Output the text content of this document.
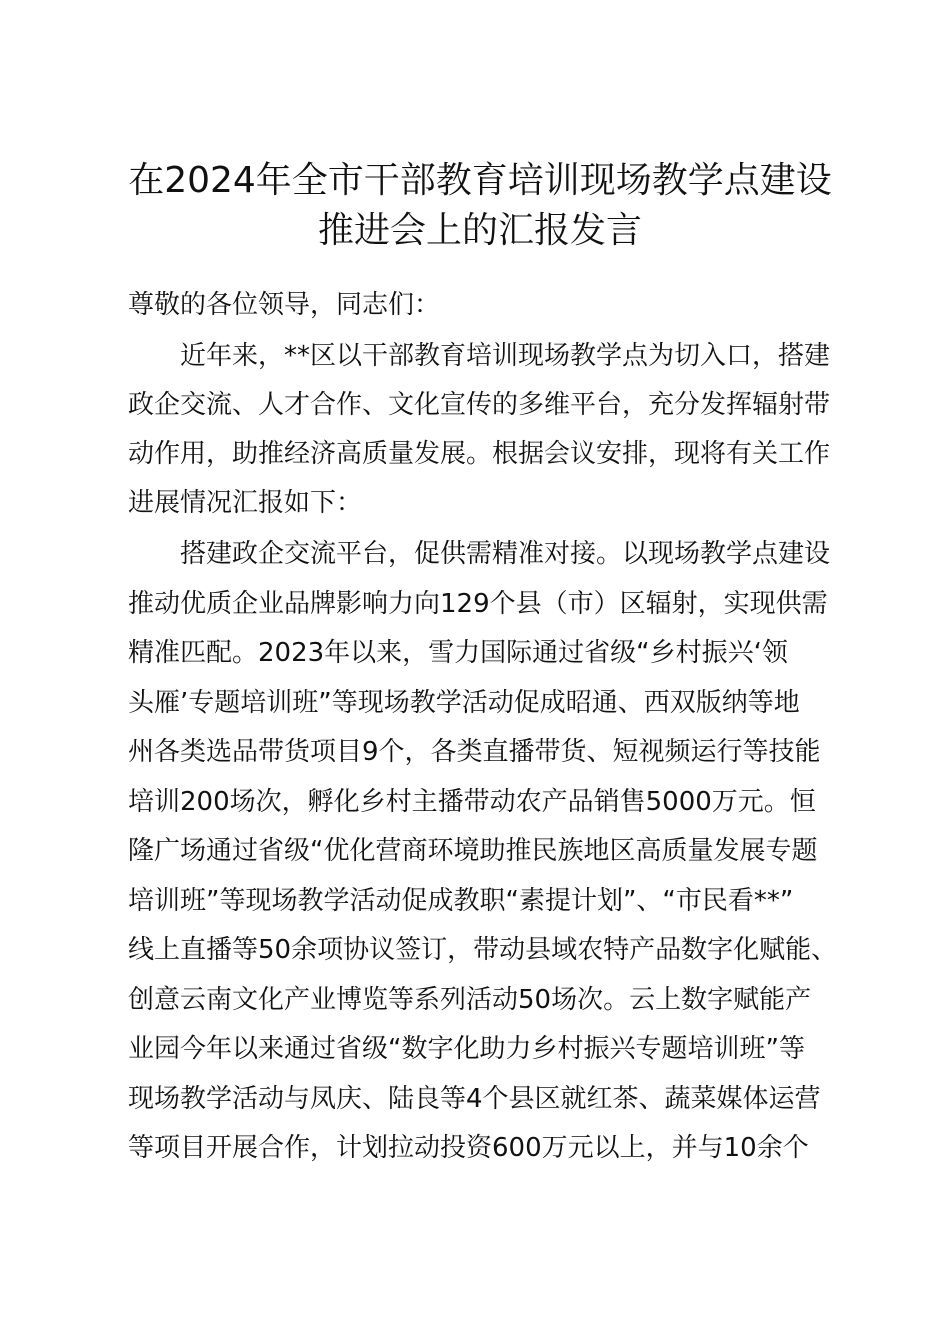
在2024年全市干部教育培训现场教学点建设
推进会上的汇报发言
尊敬的各位领导，同志们：
近年来，**区以干部教育培训现场教学点为切入口，搭建
政企交流、人才合作、文化宣传的多维平台，充分发挥辐射带
动作用，助推经济高质量发展。根据会议安排，现将有关工作
进展情况汇报如下：
搭建政企交流平台，促供需精准对接。以现场教学点建设
推动优质企业品牌影响力向129个县（市）区辐射，实现供需
精准匹配。2023年以来，雪力国际通过省级“乡村振兴‘领
头雁’专题培训班”等现场教学活动促成昭通、西双版纳等地
州各类选品带货项目9个，各类直播带货、短视频运行等技能
培训200场次，孵化乡村主播带动农产品销售5000万元。恒
隆广场通过省级“优化营商环境助推民族地区高质量发展专题
培训班”等现场教学活动促成教职“素提计划”、“市民看**”
线上直播等50余项协议签订，带动县域农特产品数字化赋能、
创意云南文化产业博览等系列活动50场次。云上数字赋能产
业园今年以来通过省级“数字化助力乡村振兴专题培训班”等
现场教学活动与凤庆、陆良等4个县区就红茶、蔬菜媒体运营
等项目开展合作，计划拉动投资600万元以上，并与10余个
